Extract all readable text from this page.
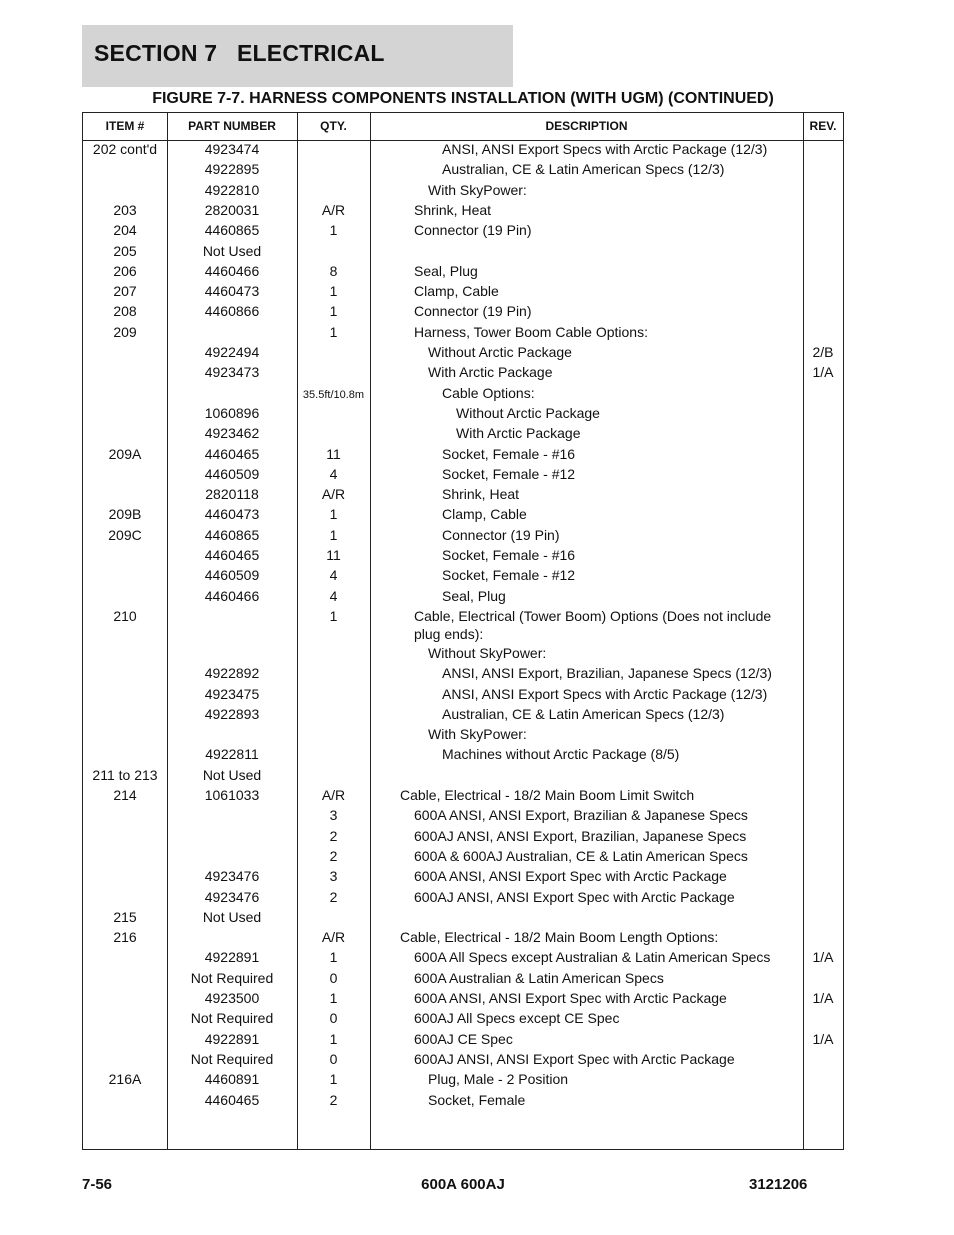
SECTION 7   ELECTRICAL
FIGURE 7-7. HARNESS COMPONENTS INSTALLATION (WITH UGM) (CONTINUED)
ITEM #	PART NUMBER	QTY.	DESCRIPTION	REV.
202 cont'd	4923474	ANSI, ANSI Export Specs with Arctic Package (12/3)
4922895	Australian, CE & Latin American Specs (12/3)
4922810	With SkyPower:
203	2820031	A/R	Shrink, Heat
204	4460865	1	Connector (19 Pin)
205	Not Used
206	4460466	8	Seal, Plug
207	4460473	1	Clamp, Cable
208	4460866	1	Connector (19 Pin)
209	1	Harness, Tower Boom Cable Options:
4922494	Without Arctic Package	2/B
4923473	With Arctic Package	1/A
35.5ft/10.8m	Cable Options:
1060896	Without Arctic Package
4923462	With Arctic Package
209A	4460465	11	Socket, Female - #16
4460509	4	Socket, Female - #12
2820118	A/R	Shrink, Heat
209B	4460473	1	Clamp, Cable
209C	4460865	1	Connector (19 Pin)
4460465	11	Socket, Female - #16
4460509	4	Socket, Female - #12
4460466	4	Seal, Plug
210	1	Cable, Electrical (Tower Boom) Options (Does not include plug ends):
Without SkyPower:
4922892	ANSI, ANSI Export, Brazilian, Japanese Specs (12/3)
4923475	ANSI, ANSI Export Specs with Arctic Package (12/3)
4922893	Australian, CE & Latin American Specs (12/3)
With SkyPower:
4922811	Machines without Arctic Package (8/5)
211 to 213	Not Used
214	1061033	A/R	Cable, Electrical - 18/2 Main Boom Limit Switch
3	600A ANSI, ANSI Export, Brazilian & Japanese Specs
2	600AJ ANSI, ANSI Export, Brazilian, Japanese Specs
2	600A & 600AJ Australian, CE & Latin American Specs
4923476	3	600A ANSI, ANSI Export Spec with Arctic Package
4923476	2	600AJ ANSI, ANSI Export Spec with Arctic Package
215	Not Used
216	A/R	Cable, Electrical - 18/2 Main Boom Length Options:
4922891	1	600A All Specs except Australian & Latin American Specs	1/A
Not Required	0	600A Australian & Latin American Specs
4923500	1	600A ANSI, ANSI Export Spec with Arctic Package	1/A
Not Required	0	600AJ All Specs except CE Spec
4922891	1	600AJ CE Spec	1/A
Not Required	0	600AJ ANSI, ANSI Export Spec with Arctic Package
216A	4460891	1	Plug, Male - 2 Position
4460465	2	Socket, Female
7-56	600A 600AJ	3121206
